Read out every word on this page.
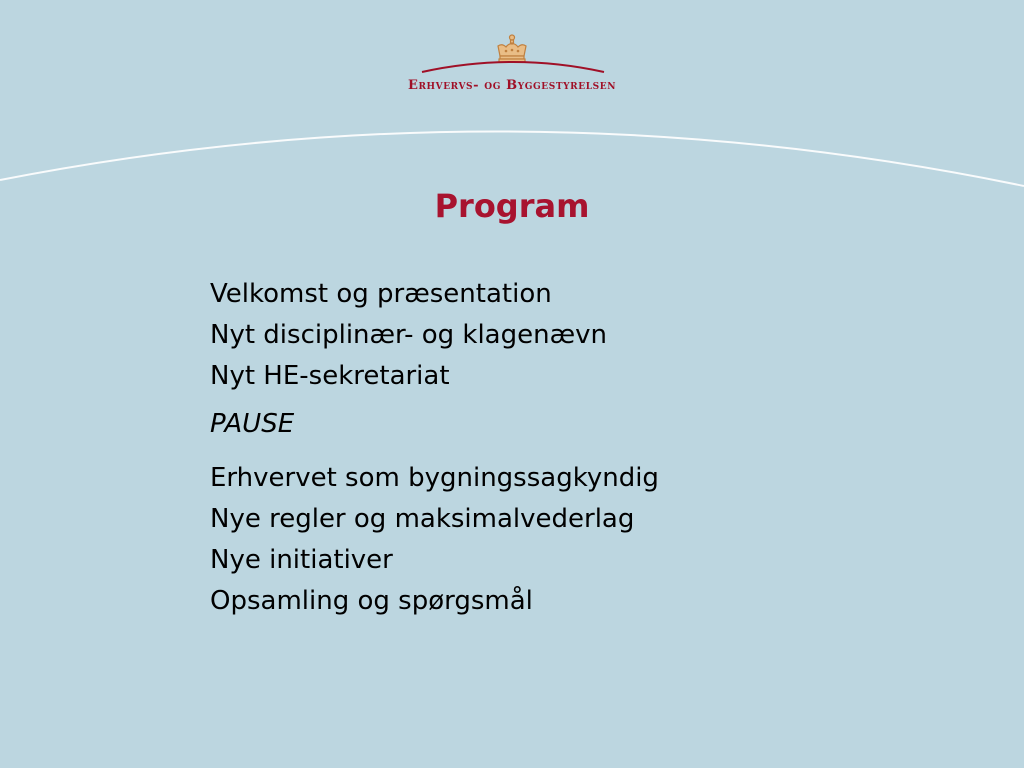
Erhvervs- og Byggestyrelsen
Program
Velkomst og præsentation
Nyt disciplinær- og klagenævn
Nyt HE-sekretariat
PAUSE
Erhvervet som bygningssagkyndig
Nye regler og maksimalvederlag
Nye initiativer
Opsamling og spørgsmål
